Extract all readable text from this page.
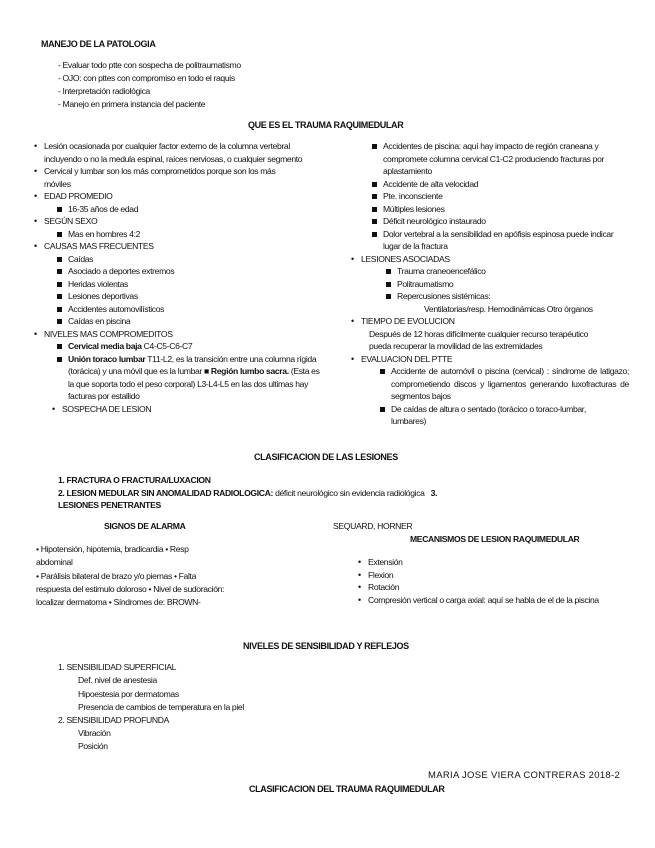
MANEJO DE LA PATOLOGIA
- Evaluar todo ptte con sospecha de politraumatismo
- OJO: con pttes con compromiso en todo el raquis
- Interpretación radiológica
- Manejo en primera instancia del paciente
QUE ES EL TRAUMA RAQUIMEDULAR
• Lesión ocasionada por cualquier factor externo de la columna vertebral incluyendo o no la medula espinal, raíces nerviosas, o cualquier segmento
• Cervical y lumbar son los más comprometidos porque son los más móviles
• EDAD PROMEDIO
16-35 años de edad
• SEGÚN SEXO
Mas en hombres 4:2
• CAUSAS MAS FRECUENTES
Caídas
Asociado a deportes extremos
Heridas violentas
Lesiones deportivas
Accidentes automovilísticos
Caídas en piscina
• NIVELES MAS COMPROMEDITOS
Cervical media baja C4-C5-C6-C7
Unión toraco lumbar T11-L2, es la transición entre una columna rígida (torácica) y una móvil que es la lumbar ■ Región lumbo sacra. (Esta es la que soporta todo el peso corporal) L3-L4-L5 en las dos ultimas hay facturas por estallido
• SOSPECHA DE LESION
Accidentes de piscina: aquí hay impacto de región craneana y compromete columna cervical C1-C2 produciendo fracturas por aplastamiento
Accidente de alta velocidad
Pte. inconsciente
Múltiples lesiones
Déficit neurológico instaurado
Dolor vertebral a la sensibilidad en apófisis espinosa puede indicar lugar de la fractura
• LESIONES ASOCIADAS
Trauma craneoencefálico
Politraumatismo
Repercusiones sistémicas:
Ventilatorias/resp. Hemodinámicas Otro órganos
• TIEMPO DE EVOLUCION
Después de 12 horas difícilmente cualquier recurso terapéutico pueda recuperar la movilidad de las extremidades
• EVALUACION DEL PTTE
Accidente de automóvil o piscina (cervical) : síndrome de latigazo; comprometiendo discos y ligamentos generando luxofracturas de segmentos bajos
De caídas de altura o sentado (torácico o toraco-lumbar, lumbares)
CLASIFICACION DE LAS LESIONES
1. FRACTURA O FRACTURA/LUXACION
2. LESION MEDULAR SIN ANOMALIDAD RADIOLOGICA: déficit neurológico sin evidencia radiológica 3.
LESIONES PENETRANTES
SIGNOS DE ALARMA	SEQUARD, HORNER
• Hipotensión, hipotemia, bradicardia • Resp
abdominal
• Parálisis bilateral de brazo y/o piernas • Falta
respuesta del estimulo doloroso • Nivel de sudoración:
localizar dermatoma • Síndromes de: BROWN-
MECANISMOS DE LESION RAQUIMEDULAR
• Extensión
• Flexion
• Rotación
• Compresión vertical o carga axial: aquí se habla de el de la piscina
NIVELES DE SENSIBILIDAD Y REFLEJOS
1. SENSIBILIDAD SUPERFICIAL
Def. nivel de anestesia
Hipoestesia por dermatomas
Presencia de cambios de temperatura en la piel
2. SENSIBILIDAD PROFUNDA
Vibración
Posición
MARIA JOSE VIERA CONTRERAS 2018-2
CLASIFICACION DEL TRAUMA RAQUIMEDULAR
